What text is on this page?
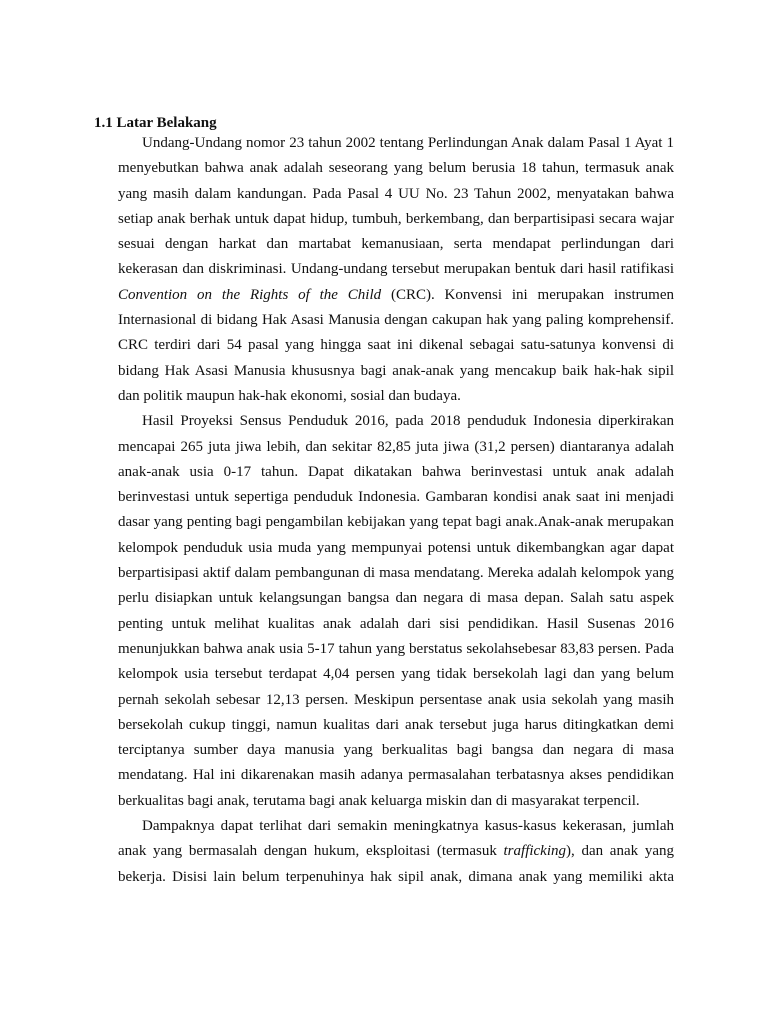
1.1 Latar Belakang

Undang-Undang nomor 23 tahun 2002 tentang Perlindungan Anak dalam Pasal 1 Ayat 1 menyebutkan bahwa anak adalah seseorang yang belum berusia 18 tahun, termasuk anak yang masih dalam kandungan. Pada Pasal 4 UU No. 23 Tahun 2002, menyatakan bahwa setiap anak berhak untuk dapat hidup, tumbuh, berkembang, dan berpartisipasi secara wajar sesuai dengan harkat dan martabat kemanusiaan, serta mendapat perlindungan dari kekerasan dan diskriminasi. Undang-undang tersebut merupakan bentuk dari hasil ratifikasi Convention on the Rights of the Child (CRC). Konvensi ini merupakan instrumen Internasional di bidang Hak Asasi Manusia dengan cakupan hak yang paling komprehensif. CRC terdiri dari 54 pasal yang hingga saat ini dikenal sebagai satu-satunya konvensi di bidang Hak Asasi Manusia khususnya bagi anak-anak yang mencakup baik hak-hak sipil dan politik maupun hak-hak ekonomi, sosial dan budaya.

Hasil Proyeksi Sensus Penduduk 2016, pada 2018 penduduk Indonesia diperkirakan mencapai 265 juta jiwa lebih, dan sekitar 82,85 juta jiwa (31,2 persen) diantaranya adalah anak-anak usia 0-17 tahun. Dapat dikatakan bahwa berinvestasi untuk anak adalah berinvestasi untuk sepertiga penduduk Indonesia. Gambaran kondisi anak saat ini menjadi dasar yang penting bagi pengambilan kebijakan yang tepat bagi anak.Anak-anak merupakan kelompok penduduk usia muda yang mempunyai potensi untuk dikembangkan agar dapat berpartisipasi aktif dalam pembangunan di masa mendatang. Mereka adalah kelompok yang perlu disiapkan untuk kelangsungan bangsa dan negara di masa depan. Salah satu aspek penting untuk melihat kualitas anak adalah dari sisi pendidikan. Hasil Susenas 2016 menunjukkan bahwa anak usia 5-17 tahun yang berstatus sekolahsebesar 83,83 persen. Pada kelompok usia tersebut terdapat 4,04 persen yang tidak bersekolah lagi dan yang belum pernah sekolah sebesar 12,13 persen. Meskipun persentase anak usia sekolah yang masih bersekolah cukup tinggi, namun kualitas dari anak tersebut juga harus ditingkatkan demi terciptanya sumber daya manusia yang berkualitas bagi bangsa dan negara di masa mendatang. Hal ini dikarenakan masih adanya permasalahan terbatasnya akses pendidikan berkualitas bagi anak, terutama bagi anak keluarga miskin dan di masyarakat terpencil.

Dampaknya dapat terlihat dari semakin meningkatnya kasus-kasus kekerasan, jumlah anak yang bermasalah dengan hukum, eksploitasi (termasuk trafficking), dan anak yang bekerja. Disisi lain belum terpenuhinya hak sipil anak, dimana anak yang memiliki akta
